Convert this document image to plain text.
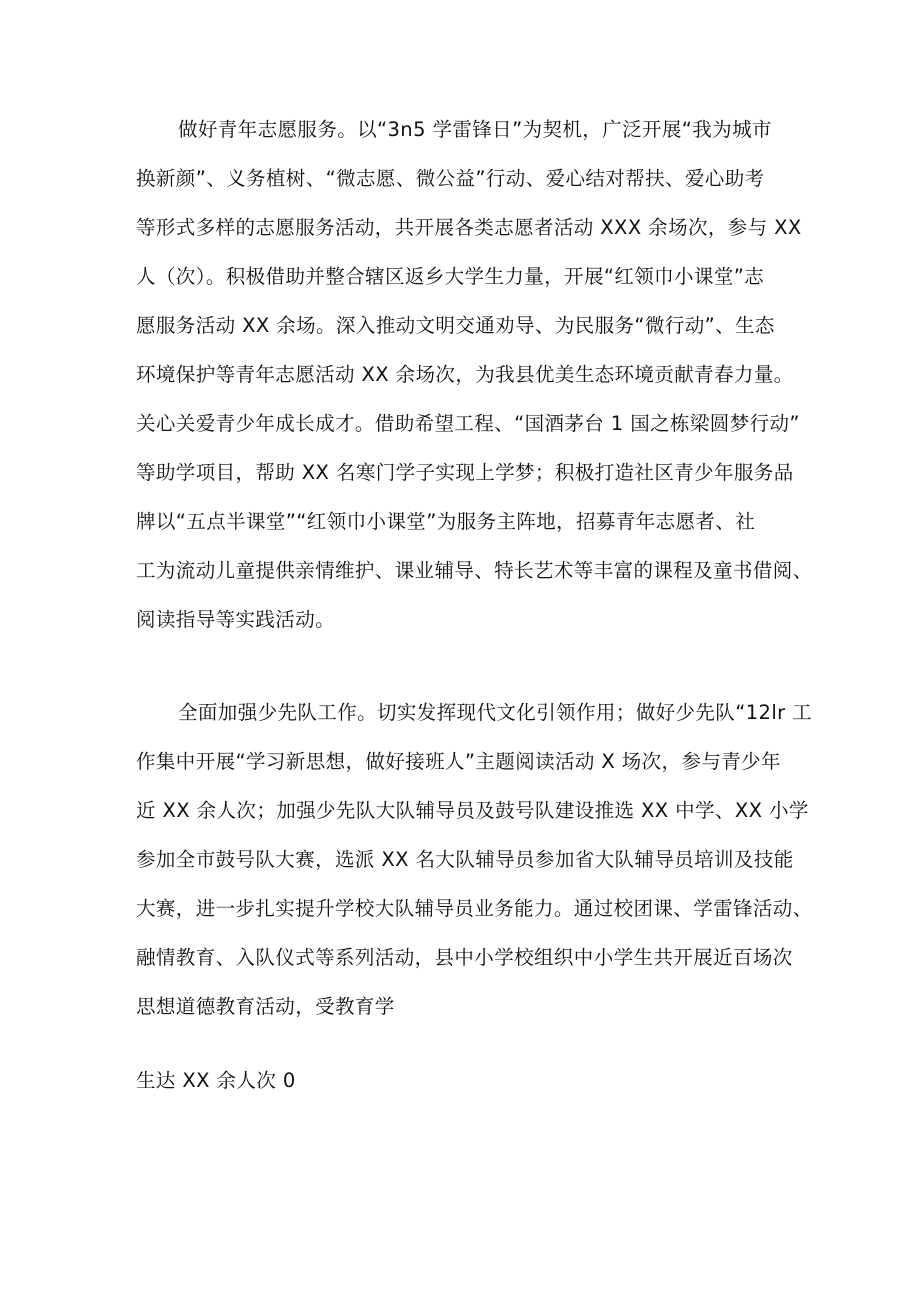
做好青年志愿服务。以“3n5 学雷锋日”为契机，广泛开展“我为城市
换新颜”、义务植树、“微志愿、微公益”行动、爱心结对帮扶、爱心助考
等形式多样的志愿服务活动，共开展各类志愿者活动 XXX 余场次，参与 XX
人（次）。积极借助并整合辖区返乡大学生力量，开展“红领巾小课堂”志
愿服务活动 XX 余场。深入推动文明交通劝导、为民服务“微行动”、生态
环境保护等青年志愿活动 XX 余场次，为我县优美生态环境贡献青春力量。
关心关爱青少年成长成才。借助希望工程、“国酒茅台 1 国之栋梁圆梦行动”
等助学项目，帮助 XX 名寒门学子实现上学梦；积极打造社区青少年服务品
牌以“五点半课堂”“红领巾小课堂”为服务主阵地，招募青年志愿者、社
工为流动儿童提供亲情维护、课业辅导、特长艺术等丰富的课程及童书借阅、
阅读指导等实践活动。
全面加强少先队工作。切实发挥现代文化引领作用；做好少先队“12lr 工
作集中开展“学习新思想，做好接班人”主题阅读活动 X 场次，参与青少年
近 XX 余人次；加强少先队大队辅导员及鼓号队建设推选 XX 中学、XX 小学
参加全市鼓号队大赛，选派 XX 名大队辅导员参加省大队辅导员培训及技能
大赛，进一步扎实提升学校大队辅导员业务能力。通过校团课、学雷锋活动、
融情教育、入队仪式等系列活动，县中小学校组织中小学生共开展近百场次
思想道德教育活动，受教育学
生达 XX 余人次 0
